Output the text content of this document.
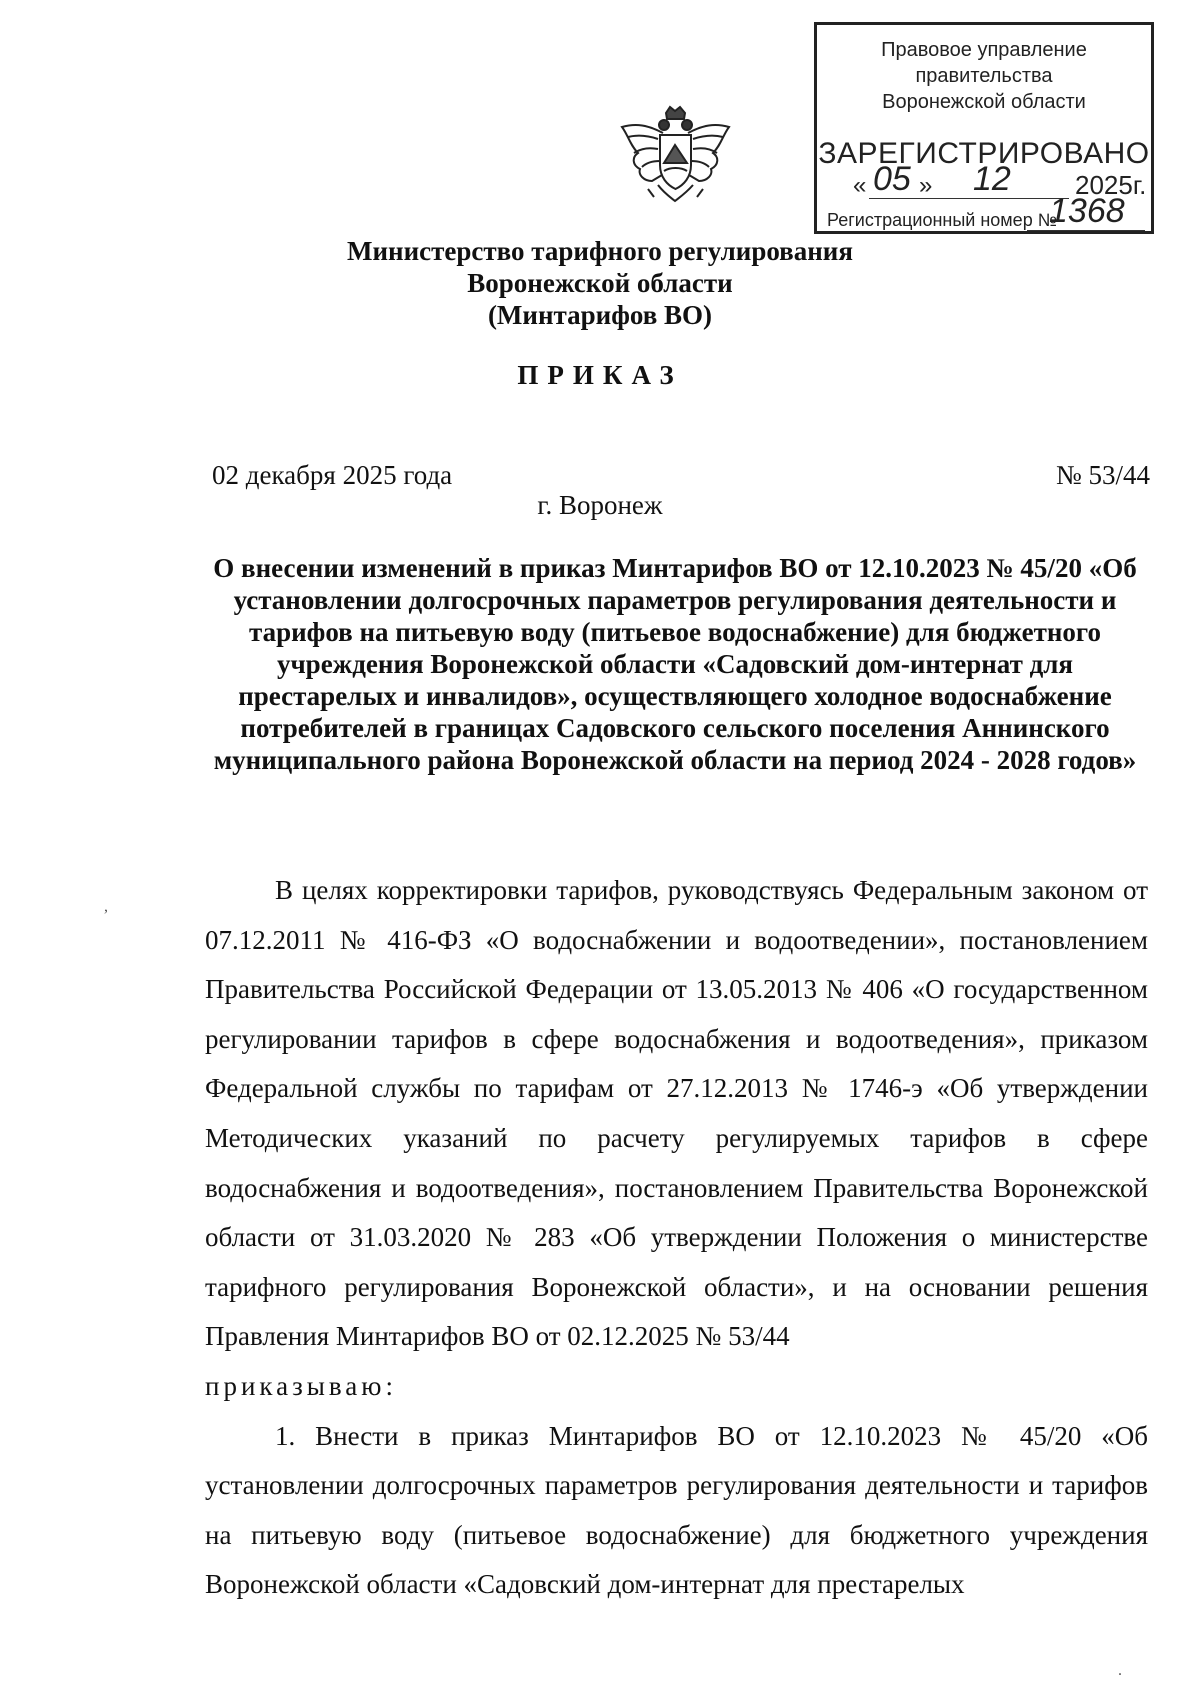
Правовое управление правительства
Воронежской области
ЗАРЕГИСТРИРОВАНО
« 05 » 12 2025г.
Регистрационный номер №
1368
Министерство тарифного регулирования
Воронежской области
(Минтарифов ВО)
ПРИКАЗ
02 декабря 2025 года	№ 53/44
г. Воронеж
О внесении изменений в приказ Минтарифов ВО от 12.10.2023 № 45/20 «Об установлении долгосрочных параметров регулирования деятельности и тарифов на питьевую воду (питьевое водоснабжение) для бюджетного учреждения Воронежской области «Садовский дом-интернат для престарелых и инвалидов», осуществляющего холодное водоснабжение потребителей в границах Садовского сельского поселения Аннинского муниципального района Воронежской области на период 2024 - 2028 годов»

В целях корректировки тарифов, руководствуясь Федеральным законом от 07.12.2011 № 416-ФЗ «О водоснабжении и водоотведении», постановлением Правительства Российской Федерации от 13.05.2013 № 406 «О государственном регулировании тарифов в сфере водоснабжения и водоотведения», приказом Федеральной службы по тарифам от 27.12.2013 № 1746-э «Об утверждении Методических указаний по расчету регулируемых тарифов в сфере водоснабжения и водоотведения», постановлением Правительства Воронежской области от 31.03.2020 № 283 «Об утверждении Положения о министерстве тарифного регулирования Воронежской области», и на основании решения Правления Минтарифов ВО от 02.12.2025 № 53/44

приказываю:

1. Внести в приказ Минтарифов ВО от 12.10.2023 № 45/20 «Об установлении долгосрочных параметров регулирования деятельности и тарифов на питьевую воду (питьевое водоснабжение) для бюджетного учреждения Воронежской области «Садовский дом-интернат для престарелых

,
.
